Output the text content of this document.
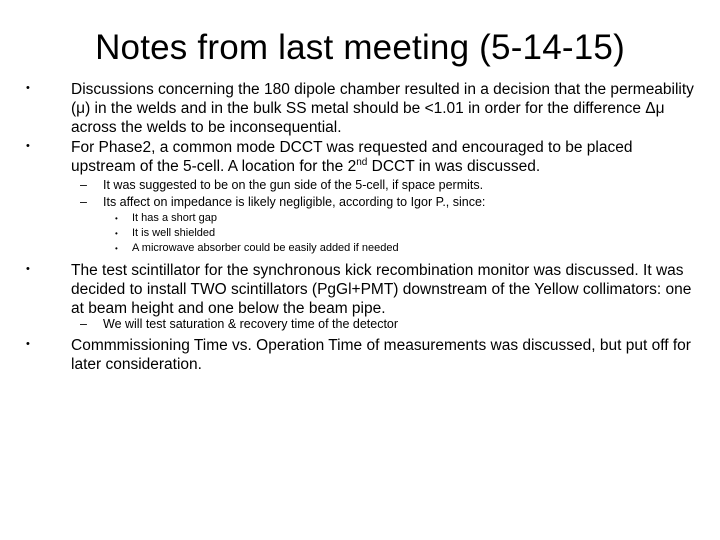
Notes from last meeting (5-14-15)
•	Discussions concerning the 180 dipole chamber resulted in a decision that the permeability (μ) in the welds and in the bulk SS metal should be <1.01 in order for the difference Δμ across the welds to be inconsequential.
•	For Phase2, a common mode DCCT was requested and encouraged to be placed upstream of the 5-cell. A location for the 2nd DCCT in was discussed.
– It was suggested to be on the gun side of the 5-cell, if space permits.
– Its affect on impedance is likely negligible, according to Igor P., since:
• It has a short gap
• It is well shielded
• A microwave absorber could be easily added if needed
•	The test scintillator for the synchronous kick recombination monitor was discussed. It was decided to install TWO scintillators (PgGl+PMT) downstream of the Yellow collimators: one at beam height and one below the beam pipe.
– We will test saturation & recovery time of the detector
•	Commmissioning Time vs. Operation Time of measurements was discussed, but put off for later consideration.
